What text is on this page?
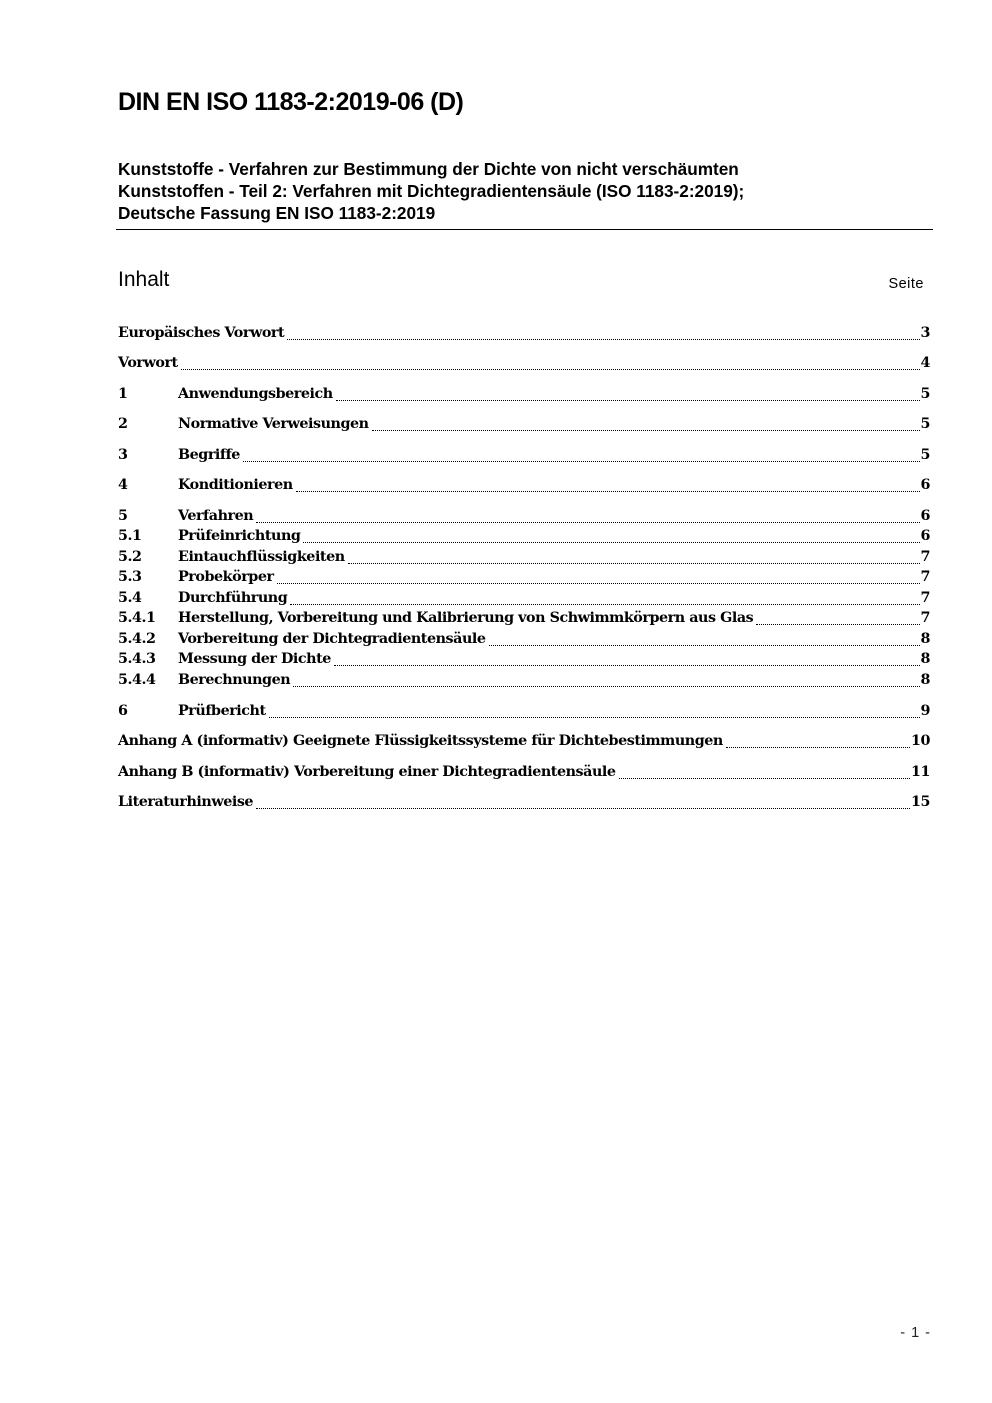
DIN EN ISO 1183-2:2019-06 (D)
Kunststoffe - Verfahren zur Bestimmung der Dichte von nicht verschäumten
Kunststoffen - Teil 2: Verfahren mit Dichtegradientensäule (ISO 1183-2:2019);
Deutsche Fassung EN ISO 1183-2:2019
Inhalt	Seite
Europäisches Vorwort	3
Vorwort	4
1	Anwendungsbereich	5
2	Normative Verweisungen	5
3	Begriffe	5
4	Konditionieren	6
5	Verfahren	6
5.1	Prüfeinrichtung	6
5.2	Eintauchflüssigkeiten	7
5.3	Probekörper	7
5.4	Durchführung	7
5.4.1	Herstellung, Vorbereitung und Kalibrierung von Schwimmkörpern aus Glas	7
5.4.2	Vorbereitung der Dichtegradientensäule	8
5.4.3	Messung der Dichte	8
5.4.4	Berechnungen	8
6	Prüfbericht	9
Anhang A (informativ) Geeignete Flüssigkeitssysteme für Dichtebestimmungen	10
Anhang B (informativ) Vorbereitung einer Dichtegradientensäule	11
Literaturhinweise	15
- 1 -
